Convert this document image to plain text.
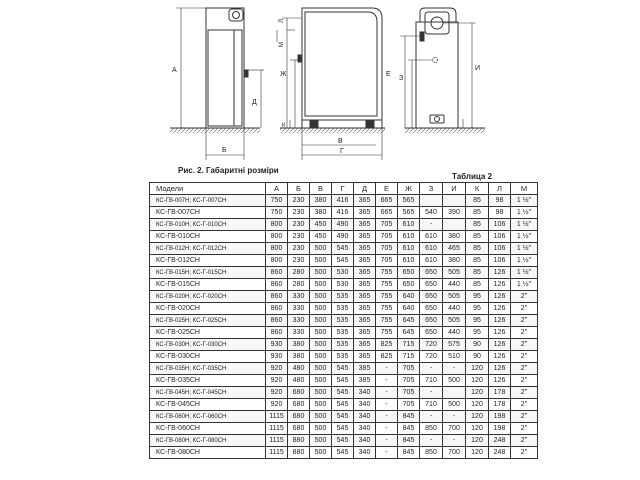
А
Д
Б
М
Л
Ж
К
В
Г
Е
З
И
Рис. 2. Габаритні розміри
Таблица 2
Модели	А	Б	В	Г	Д	Е	Ж	З	И	К	Л	М
КС-ГВ-007Н; КС-Г-007СН	750	230	380	416	365	665	565			85	98	1 ½"
КС-ГВ-007СН	750	230	380	416	365	665	565	540	390	85	98	1 ½"
КС-ГВ-010Н; КС-Г-010СН	800	230	450	490	365	705	610	-		85	106	1 ½"
КС-ГВ-010СН	800	230	450	490	365	705	610	610	380	85	106	1 ½"
КС-ГВ-012Н; КС-Г-012СН	800	230	500	545	365	705	610	610	465	85	106	1 ½"
КС-ГВ-012СН	800	230	500	545	365	705	610	610	380	85	106	1 ½"
КС-ГВ-015Н; КС-Г-015СН	860	280	500	530	365	755	650	650	505	85	126	1 ½"
КС-ГВ-015СН	860	280	500	530	365	755	650	650	440	85	126	1 ½"
КС-ГВ-020Н; КС-Г-020СН	860	330	500	535	365	755	640	650	505	95	126	2"
КС-ГВ-020СН	860	330	500	535	365	755	640	650	440	95	126	2"
КС-ГВ-025Н; КС-Г-025СН	860	330	500	535	365	755	645	650	505	95	126	2"
КС-ГВ-025СН	860	330	500	535	365	755	645	650	440	95	126	2"
КС-ГВ-030Н; КС-Г-030СН	930	380	500	535	365	825	715	720	575	90	126	2"
КС-ГВ-030СН	930	380	500	535	365	825	715	720	510	90	126	2"
КС-ГВ-035Н; КС-Г-035СН	920	480	500	545	385	-	705	-	-	120	126	2"
КС-ГВ-035СН	920	480	500	545	385	-	705	710	500	120	126	2"
КС-ГВ-045Н; КС-Г-045СН	920	680	500	545	340	-	705	-		120	178	2"
КС-ГВ-045СН	920	680	500	545	340	-	705	710	500	120	178	2"
КС-ГВ-060Н; КС-Г-060СН	1115	680	500	545	340	-	845	-	-	120	198	2"
КС-ГВ-060СН	1115	680	500	545	340	-	845	850	700	120	198	2"
КС-ГВ-080Н; КС-Г-080СН	1115	880	500	545	340	-	845	-	-	120	248	2"
КС-ГВ-080СН	1115	880	500	545	340	-	845	850	700	120	248	2"
